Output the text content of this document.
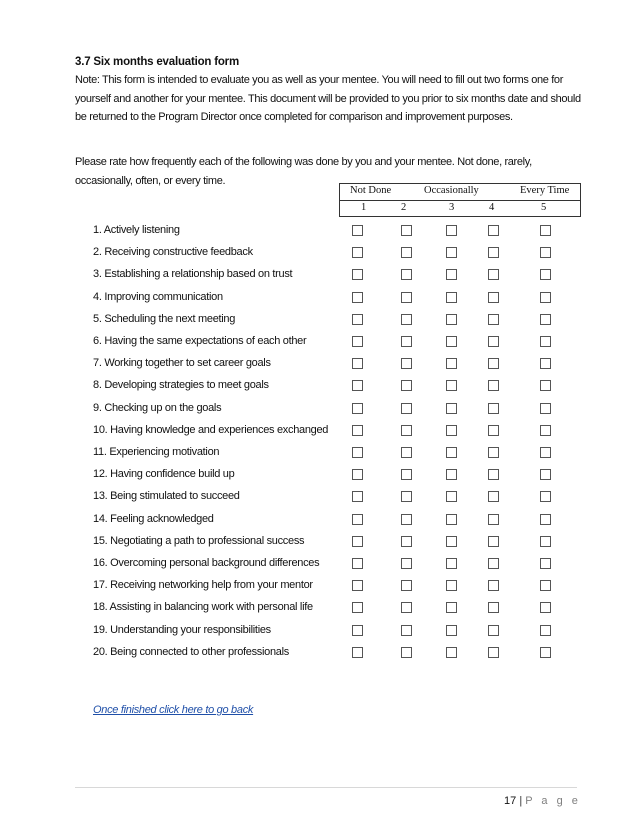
3.7 Six months evaluation form
Note: This form is intended to evaluate you as well as your mentee. You will need to fill out two forms one for yourself and another for your mentee. This document will be provided to you prior to six months date and should be returned to the Program Director once completed for comparison and improvement purposes.
Please rate how frequently each of the following was done by you and your mentee. Not done, rarely, occasionally, often, or every time.
Not Done	Occasionally	Every Time
1	2	3	4	5
1. Actively listening
2. Receiving constructive feedback
3. Establishing a relationship based on trust
4. Improving communication
5. Scheduling the next meeting
6. Having the same expectations of each other
7. Working together to set career goals
8. Developing strategies to meet goals
9. Checking up on the goals
10. Having knowledge and experiences exchanged
11. Experiencing motivation
12. Having confidence build up
13. Being stimulated to succeed
14. Feeling acknowledged
15. Negotiating a path to professional success
16. Overcoming personal background differences
17. Receiving networking help from your mentor
18. Assisting in balancing work with personal life
19. Understanding your responsibilities
20. Being connected to other professionals
Once finished click here to go back
17 | P a g e
